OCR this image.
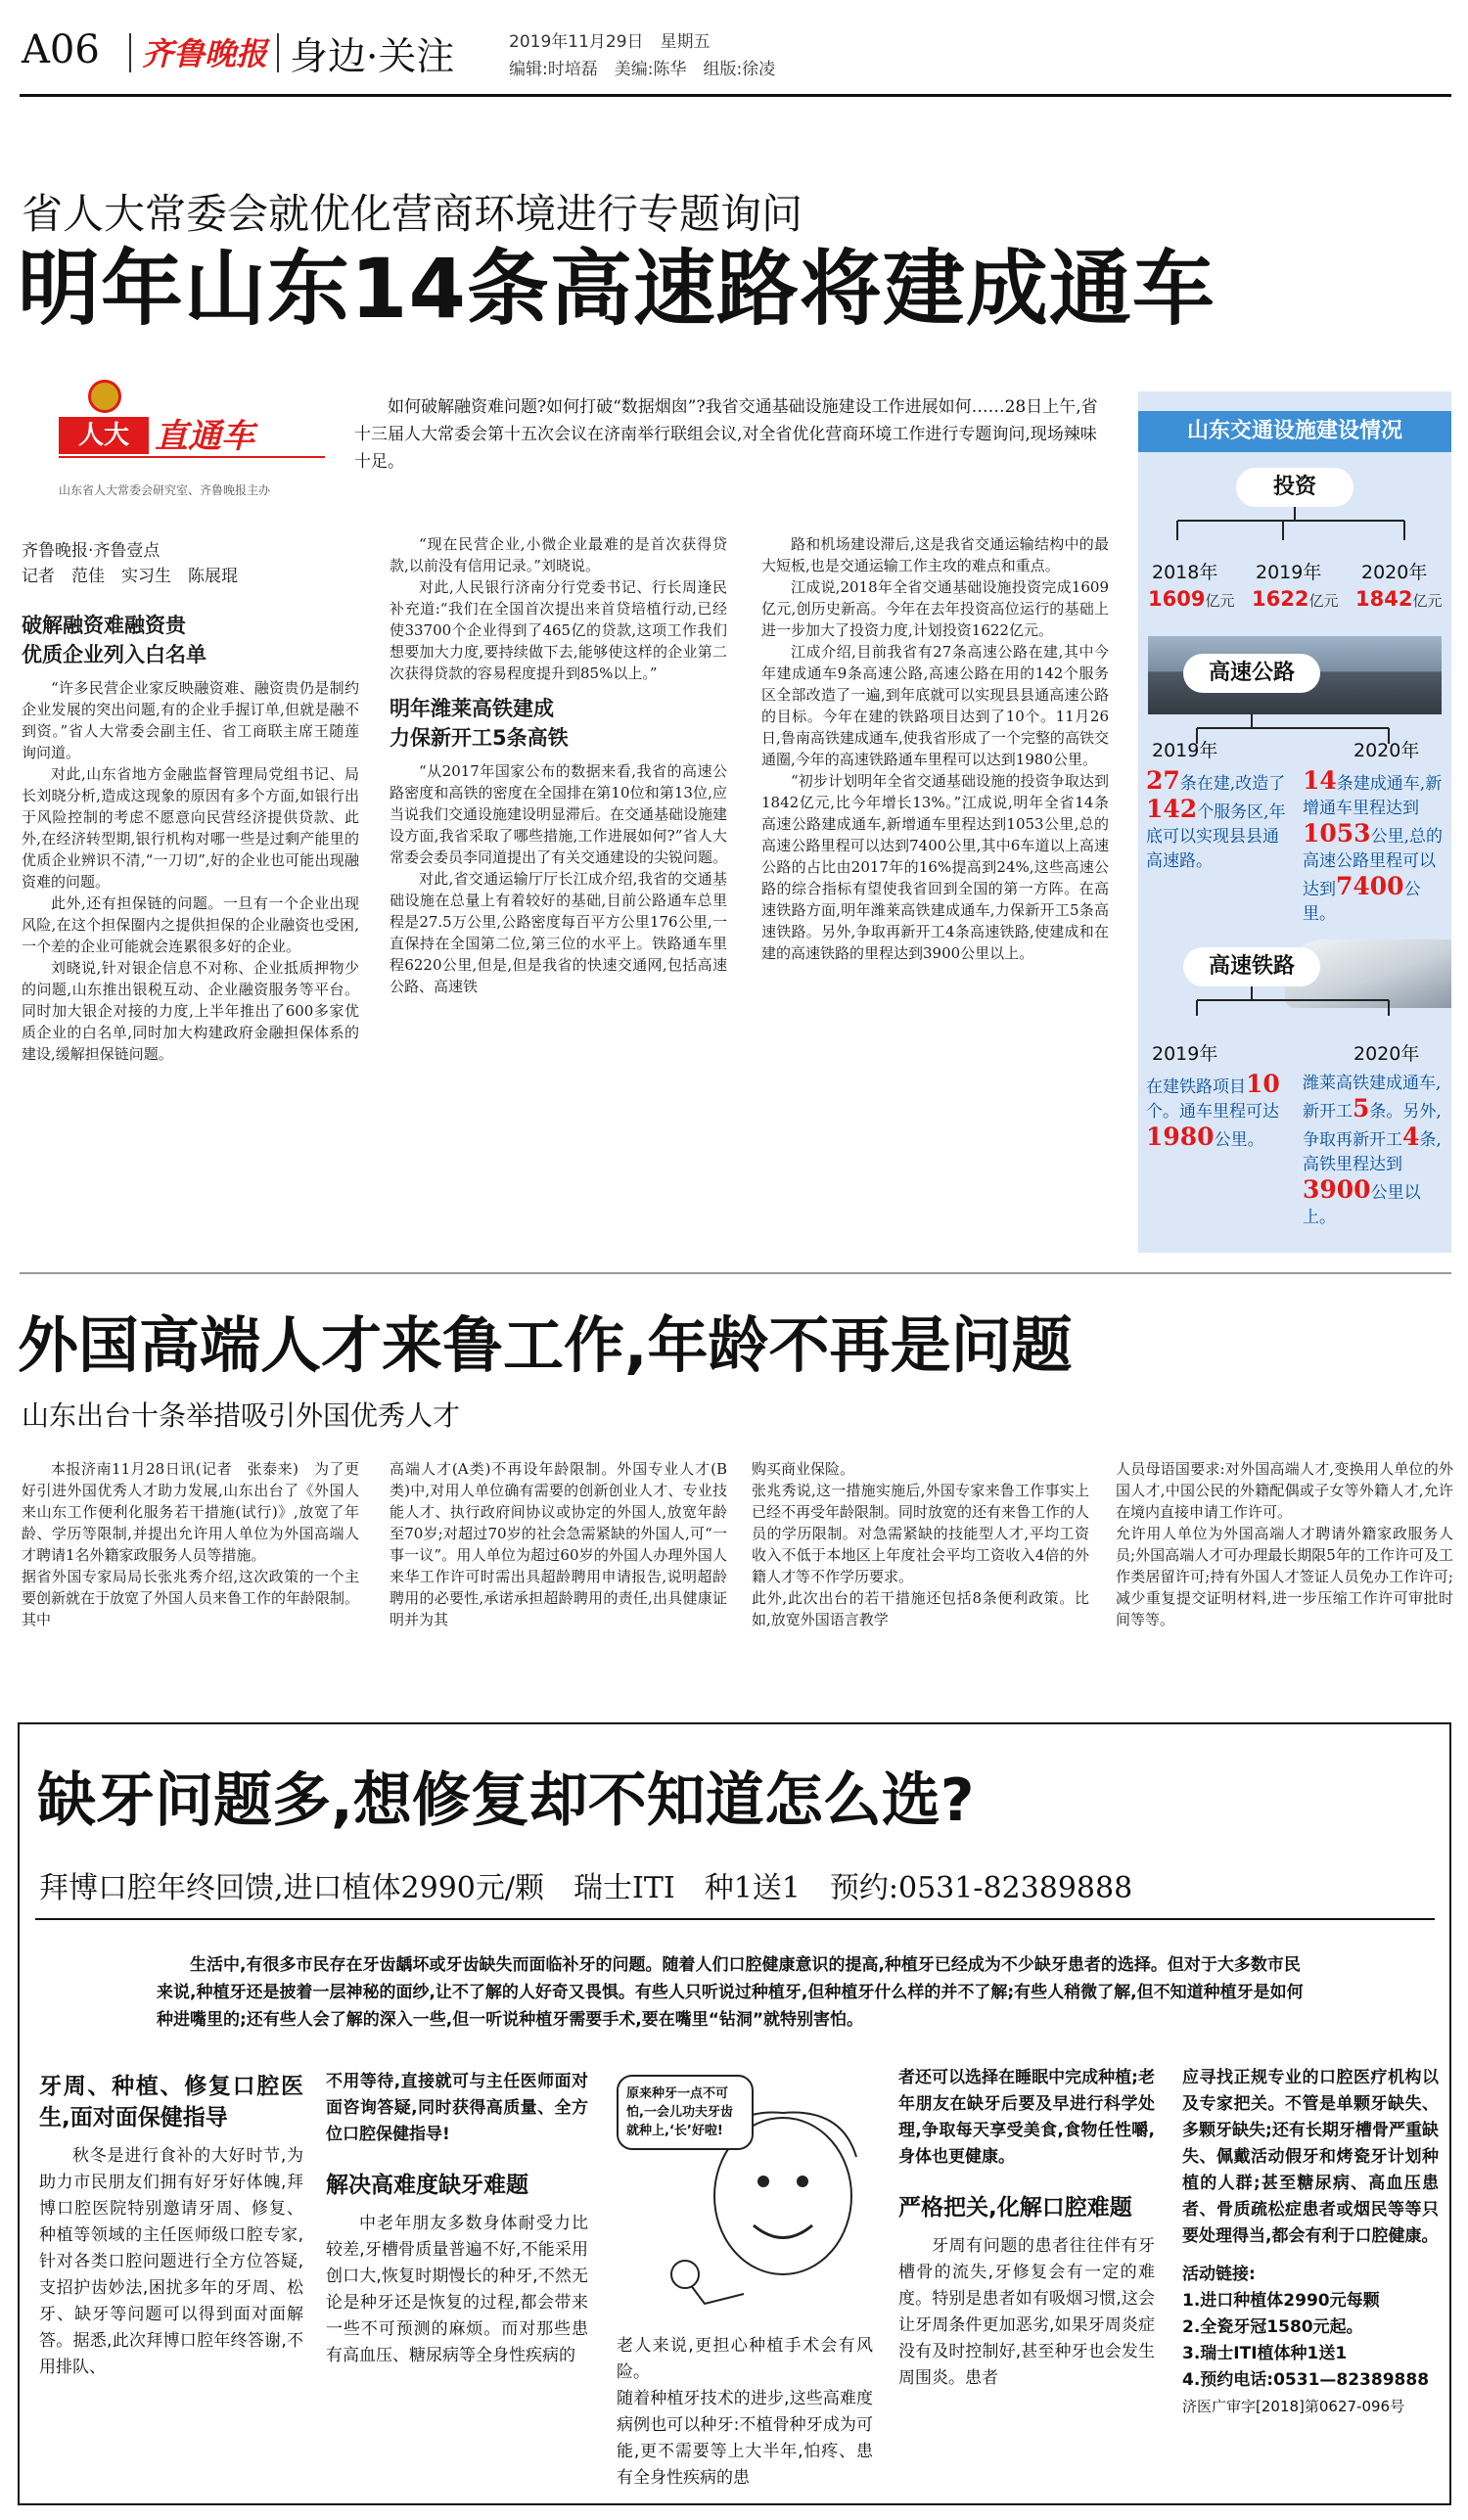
A06 齐鲁晚报 身边·关注	2019年11月29日　星期五
编辑:时培磊　美编:陈华　组版:徐凌
省人大常委会就优化营商环境进行专题询问
明年山东14条高速路将建成通车
人大 直通车
山东省人大常委会研究室、齐鲁晚报主办
如何破解融资难问题?如何打破“数据烟囱”?我省交通基础设施建设工作进展如何……28日上午,省十三届人大常委会第十五次会议在济南举行联组会议,对全省优化营商环境工作进行专题询问,现场辣味十足。
齐鲁晚报·齐鲁壹点
记者　范佳　实习生　陈展琨
破解融资难融资贵
优质企业列入白名单

“许多民营企业家反映融资难、融资贵仍是制约企业发展的突出问题,有的企业手握订单,但就是融不到资。”省人大常委会副主任、省工商联主席王随莲询问道。

对此,山东省地方金融监督管理局党组书记、局长刘晓分析,造成这现象的原因有多个方面,如银行出于风险控制的考虑不愿意向民营经济提供贷款、此外,在经济转型期,银行机构对哪一些是过剩产能里的优质企业辨识不清,“一刀切”,好的企业也可能出现融资难的问题。

此外,还有担保链的问题。一旦有一个企业出现风险,在这个担保圈内之提供担保的企业融资也受困,一个差的企业可能就会连累很多好的企业。

刘晓说,针对银企信息不对称、企业抵质押物少的问题,山东推出银税互动、企业融资服务等平台。同时加大银企对接的力度,上半年推出了600多家优质企业的白名单,同时加大构建政府金融担保体系的建设,缓解担保链问题。

“现在民营企业,小微企业最难的是首次获得贷款,以前没有信用记录。”刘晓说。

对此,人民银行济南分行党委书记、行长周逢民补充道:“我们在全国首次提出来首贷培植行动,已经使33700个企业得到了465亿的贷款,这项工作我们想要加大力度,要持续做下去,能够使这样的企业第二次获得贷款的容易程度提升到85%以上。”

明年潍莱高铁建成
力保新开工5条高铁

“从2017年国家公布的数据来看,我省的高速公路密度和高铁的密度在全国排在第10位和第13位,应当说我们交通设施建设明显滞后。在交通基础设施建设方面,我省采取了哪些措施,工作进展如何?”省人大常委会委员李同道提出了有关交通建设的尖锐问题。

对此,省交通运输厅厅长江成介绍,我省的交通基础设施在总量上有着较好的基础,目前公路通车总里程是27.5万公里,公路密度每百平方公里176公里,一直保持在全国第二位,第三位的水平上。铁路通车里程6220公里,但是,但是我省的快速交通网,包括高速公路、高速铁

路和机场建设滞后,这是我省交通运输结构中的最大短板,也是交通运输工作主攻的难点和重点。

江成说,2018年全省交通基础设施投资完成1609亿元,创历史新高。今年在去年投资高位运行的基础上进一步加大了投资力度,计划投资1622亿元。

江成介绍,目前我省有27条高速公路在建,其中今年建成通车9条高速公路,高速公路在用的142个服务区全部改造了一遍,到年底就可以实现县县通高速公路的目标。今年在建的铁路项目达到了10个。11月26日,鲁南高铁建成通车,使我省形成了一个完整的高铁交通圈,今年的高速铁路通车里程可以达到1980公里。

“初步计划明年全省交通基础设施的投资争取达到1842亿元,比今年增长13%。”江成说,明年全省14条高速公路建成通车,新增通车里程达到1053公里,总的高速公路里程可以达到7400公里,其中6车道以上高速公路的占比由2017年的16%提高到24%,这些高速公路的综合指标有望使我省回到全国的第一方阵。在高速铁路方面,明年潍莱高铁建成通车,力保新开工5条高速铁路。另外,争取再新开工4条高速铁路,使建成和在建的高速铁路的里程达到3900公里以上。

山东交通设施建设情况
投资
2018年 2019年 2020年
1609亿元 1622亿元 1842亿元
高速公路
2019年	2020年
27条在建,改造了142个服务区,年底可以实现县县通高速路。
14条建成通车,新增通车里程达到1053公里,总的高速公路里程可以达到7400公里。
高速铁路
2019年	2020年
在建铁路项目10个。通车里程可达1980公里。
潍莱高铁建成通车,新开工5条。另外,争取再新开工4条,高铁里程达到3900公里以上。
外国高端人才来鲁工作,年龄不再是问题
山东出台十条举措吸引外国优秀人才
本报济南11月28日讯(记者　张泰来)　为了更好引进外国优秀人才助力发展,山东出台了《外国人来山东工作便利化服务若干措施(试行)》,放宽了年龄、学历等限制,并提出允许用人单位为外国高端人才聘请1名外籍家政服务人员等措施。
据省外国专家局局长张兆秀介绍,这次政策的一个主要创新就在于放宽了外国人员来鲁工作的年龄限制。其中
高端人才(A类)不再设年龄限制。外国专业人才(B类)中,对用人单位确有需要的创新创业人才、专业技能人才、执行政府间协议或协定的外国人,放宽年龄至70岁;对超过70岁的社会急需紧缺的外国人,可“一事一议”。用人单位为超过60岁的外国人办理外国人来华工作许可时需出具超龄聘用申请报告,说明超龄聘用的必要性,承诺承担超龄聘用的责任,出具健康证明并为其
购买商业保险。
张兆秀说,这一措施实施后,外国专家来鲁工作事实上已经不再受年龄限制。同时放宽的还有来鲁工作的人员的学历限制。对急需紧缺的技能型人才,平均工资收入不低于本地区上年度社会平均工资收入4倍的外籍人才等不作学历要求。
此外,此次出台的若干措施还包括8条便利政策。比如,放宽外国语言教学
人员母语国要求:对外国高端人才,变换用人单位的外国人才,中国公民的外籍配偶或子女等外籍人才,允许在境内直接申请工作许可。
允许用人单位为外国高端人才聘请外籍家政服务人员;外国高端人才可办理最长期限5年的工作许可及工作类居留许可;持有外国人才签证人员免办工作许可;减少重复提交证明材料,进一步压缩工作许可审批时间等等。
缺牙问题多,想修复却不知道怎么选?
拜博口腔年终回馈,进口植体2990元/颗　瑞士ITI　种1送1　预约:0531-82389888
生活中,有很多市民存在牙齿龋坏或牙齿缺失而面临补牙的问题。随着人们口腔健康意识的提高,种植牙已经成为不少缺牙患者的选择。但对于大多数市民来说,种植牙还是披着一层神秘的面纱,让不了解的人好奇又畏惧。有些人只听说过种植牙,但种植牙什么样的并不了解;有些人稍微了解,但不知道种植牙是如何种进嘴里的;还有些人会了解的深入一些,但一听说种植牙需要手术,要在嘴里“钻洞”就特别害怕。
牙周、种植、修复口腔医生,面对面保健指导

秋冬是进行食补的大好时节,为助力市民朋友们拥有好牙好体魄,拜博口腔医院特别邀请牙周、修复、种植等领域的主任医师级口腔专家,针对各类口腔问题进行全方位答疑,支招护齿妙法,困扰多年的牙周、松牙、缺牙等问题可以得到面对面解答。据悉,此次拜博口腔年终答谢,不用排队、

不用等待,直接就可与主任医师面对面咨询答疑,同时获得高质量、全方位口腔保健指导!

解决高难度缺牙难题

中老年朋友多数身体耐受力比较差,牙槽骨质量普遍不好,不能采用创口大,恢复时期慢长的种牙,不然无论是种牙还是恢复的过程,都会带来一些不可预测的麻烦。而对那些患有高血压、糖尿病等全身性疾病的

原来种牙一点不可怕,一会儿功夫牙齿就种上,‘长’好啦!
老人来说,更担心种植手术会有风险。
随着种植牙技术的进步,这些高难度病例也可以种牙:不植骨种牙成为可能,更不需要等上大半年,怕疼、患有全身性疾病的患

者还可以选择在睡眠中完成种植;老年朋友在缺牙后要及早进行科学处理,争取每天享受美食,食物任性嚼,身体也更健康。

严格把关,化解口腔难题

牙周有问题的患者往往伴有牙槽骨的流失,牙修复会有一定的难度。特别是患者如有吸烟习惯,这会让牙周条件更加恶劣,如果牙周炎症没有及时控制好,甚至种牙也会发生周围炎。患者

应寻找正规专业的口腔医疗机构以及专家把关。不管是单颗牙缺失、多颗牙缺失;还有长期牙槽骨严重缺失、佩戴活动假牙和烤瓷牙计划种植的人群;甚至糖尿病、高血压患者、骨质疏松症患者或烟民等等只要处理得当,都会有利于口腔健康。

活动链接:
1.进口种植体2990元每颗
2.全瓷牙冠1580元起。
3.瑞士ITI植体种1送1
4.预约电话:0531—82389888
济医广审字[2018]第0627-096号
